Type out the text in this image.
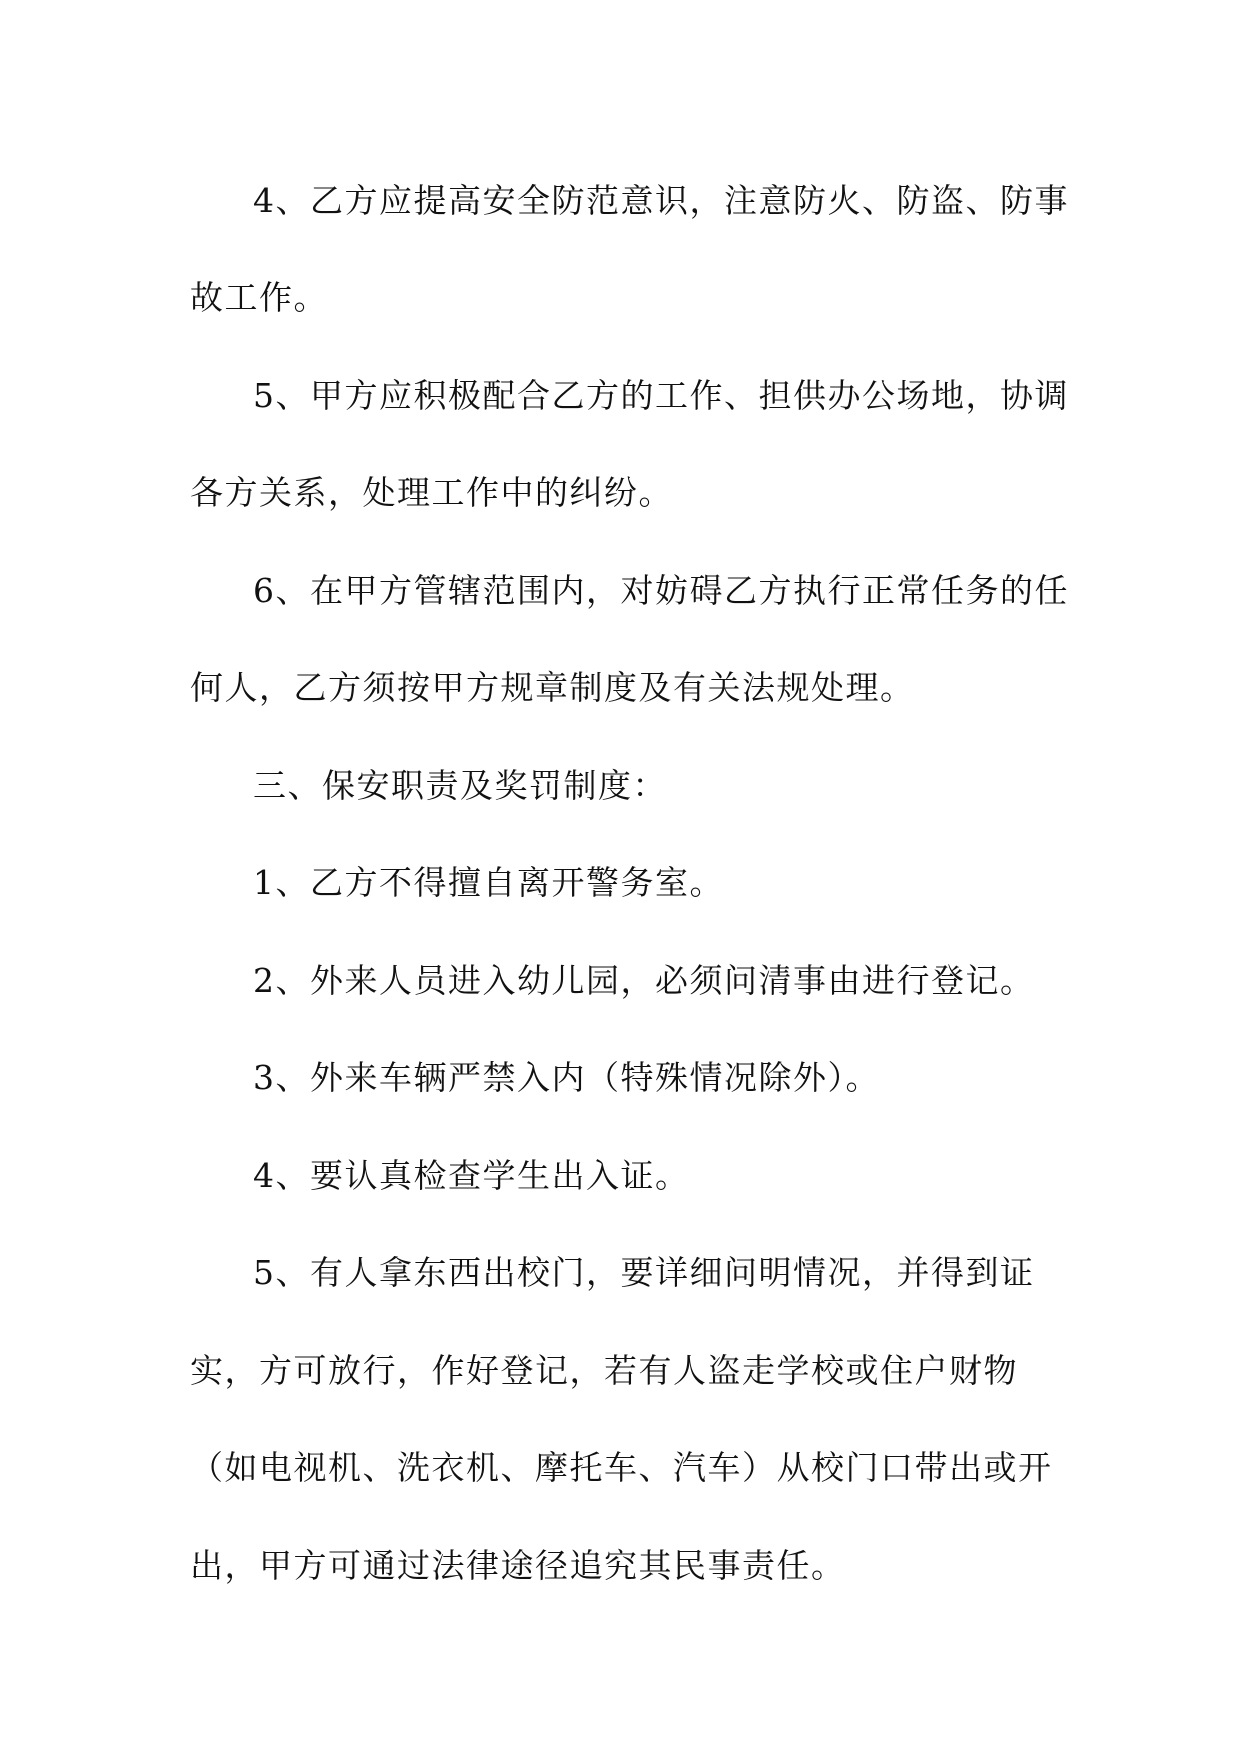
4、乙方应提高安全防范意识，注意防火、防盗、防事

故工作。

5、甲方应积极配合乙方的工作、担供办公场地，协调

各方关系，处理工作中的纠纷。

6、在甲方管辖范围内，对妨碍乙方执行正常任务的任

何人，乙方须按甲方规章制度及有关法规处理。

三、保安职责及奖罚制度：

1、乙方不得擅自离开警务室。

2、外来人员进入幼儿园，必须问清事由进行登记。

3、外来车辆严禁入内（特殊情况除外）。

4、要认真检查学生出入证。

5、有人拿东西出校门，要详细问明情况，并得到证

实，方可放行，作好登记，若有人盗走学校或住户财物

（如电视机、洗衣机、摩托车、汽车）从校门口带出或开

出，甲方可通过法律途径追究其民事责任。
